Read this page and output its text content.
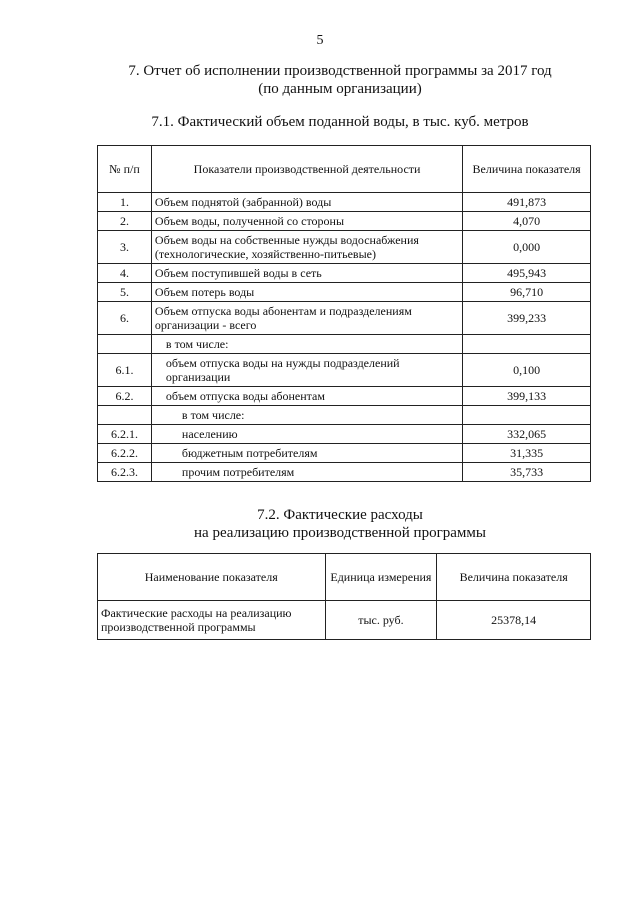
5
7. Отчет об исполнении производственной программы за 2017 год
(по данным организации)
7.1. Фактический объем поданной воды, в тыс. куб. метров
№ п/п	Показатели производственной деятельности	Величина показателя
1.	Объем поднятой (забранной) воды	491,873
2.	Объем воды, полученной со стороны	4,070
3.	Объем воды на собственные нужды водоснабжения (технологические, хозяйственно-питьевые)	0,000
4.	Объем поступившей воды в сеть	495,943
5.	Объем потерь воды	96,710
6.	Объем отпуска воды абонентам и подразделениям организации - всего	399,233
	в том числе:	
6.1.	объем отпуска воды на нужды подразделений организации	0,100
6.2.	объем отпуска воды абонентам	399,133
	в том числе:	
6.2.1.	населению	332,065
6.2.2.	бюджетным потребителям	31,335
6.2.3.	прочим потребителям	35,733
7.2. Фактические расходы
на реализацию производственной программы
Наименование показателя	Единица измерения	Величина показателя
Фактические расходы на реализацию производственной программы	тыс. руб.	25378,14
